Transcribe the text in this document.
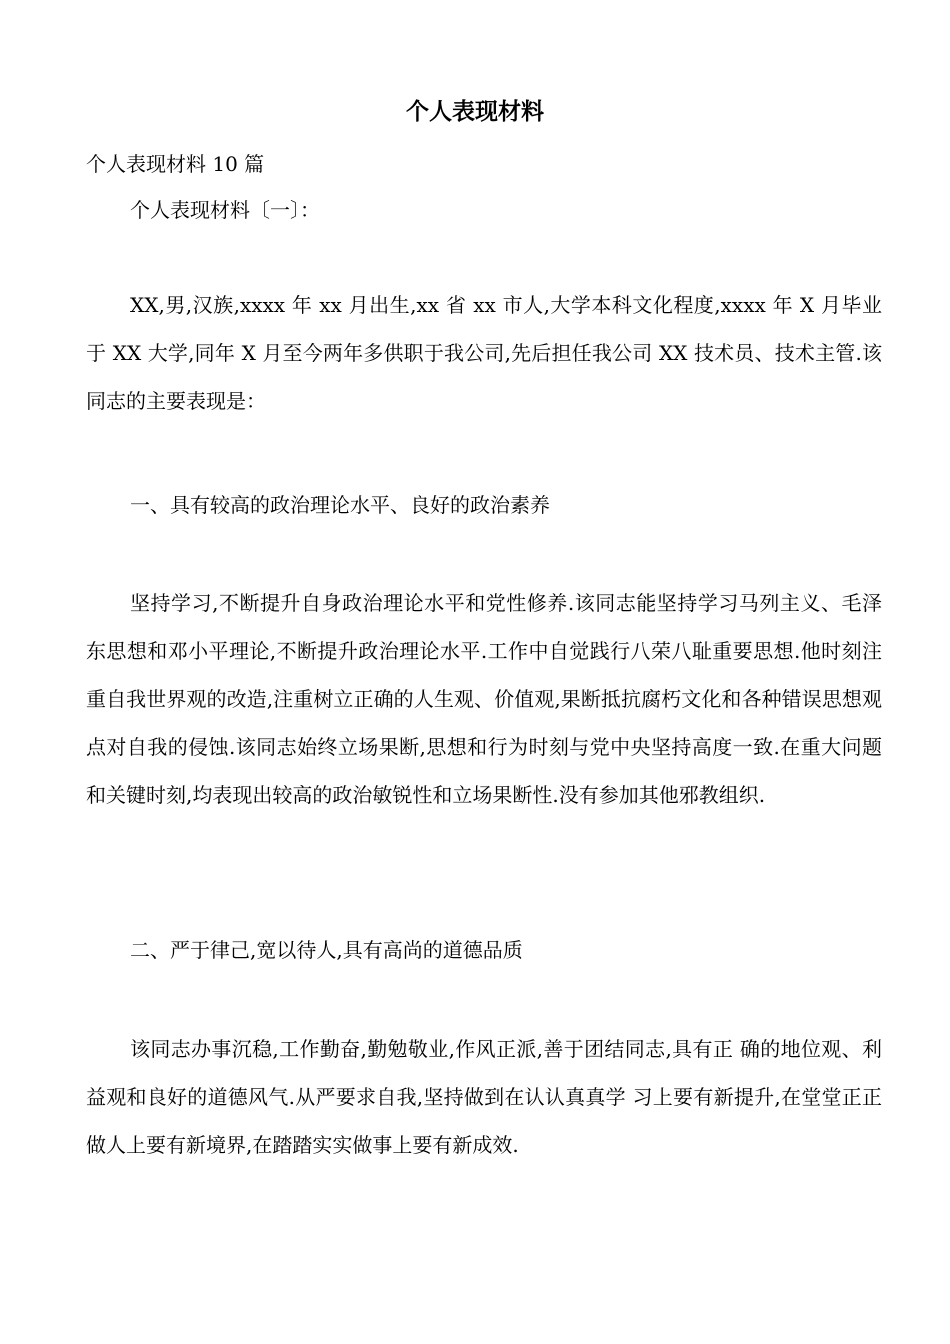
个人表现材料
个人表现材料 10 篇
个人表现材料〔一〕：
XX,男,汉族,xxxx 年 xx 月出生,xx 省 xx 市人,大学本科文化程度,xxxx 年 X 月毕业于 XX 大学,同年 X 月至今两年多供职于我公司,先后担任我公司 XX 技术员、技术主管.该同志的主要表现是：
一、具有较高的政治理论水平、良好的政治素养
坚持学习,不断提升自身政治理论水平和党性修养.该同志能坚持学习马列主义、毛泽东思想和邓小平理论,不断提升政治理论水平.工作中自觉践行八荣八耻重要思想.他时刻注重自我世界观的改造,注重树立正确的人生观、价值观,果断抵抗腐朽文化和各种错误思想观点对自我的侵蚀.该同志始终立场果断,思想和行为时刻与党中央坚持高度一致.在重大问题和关键时刻,均表现出较高的政治敏锐性和立场果断性.没有参加其他邪教组织.
二、严于律己,宽以待人,具有高尚的道德品质
该同志办事沉稳,工作勤奋,勤勉敬业,作风正派,善于团结同志,具有正 确的地位观、利益观和良好的道德风气.从严要求自我,坚持做到在认认真真学 习上要有新提升,在堂堂正正做人上要有新境界,在踏踏实实做事上要有新成效.
